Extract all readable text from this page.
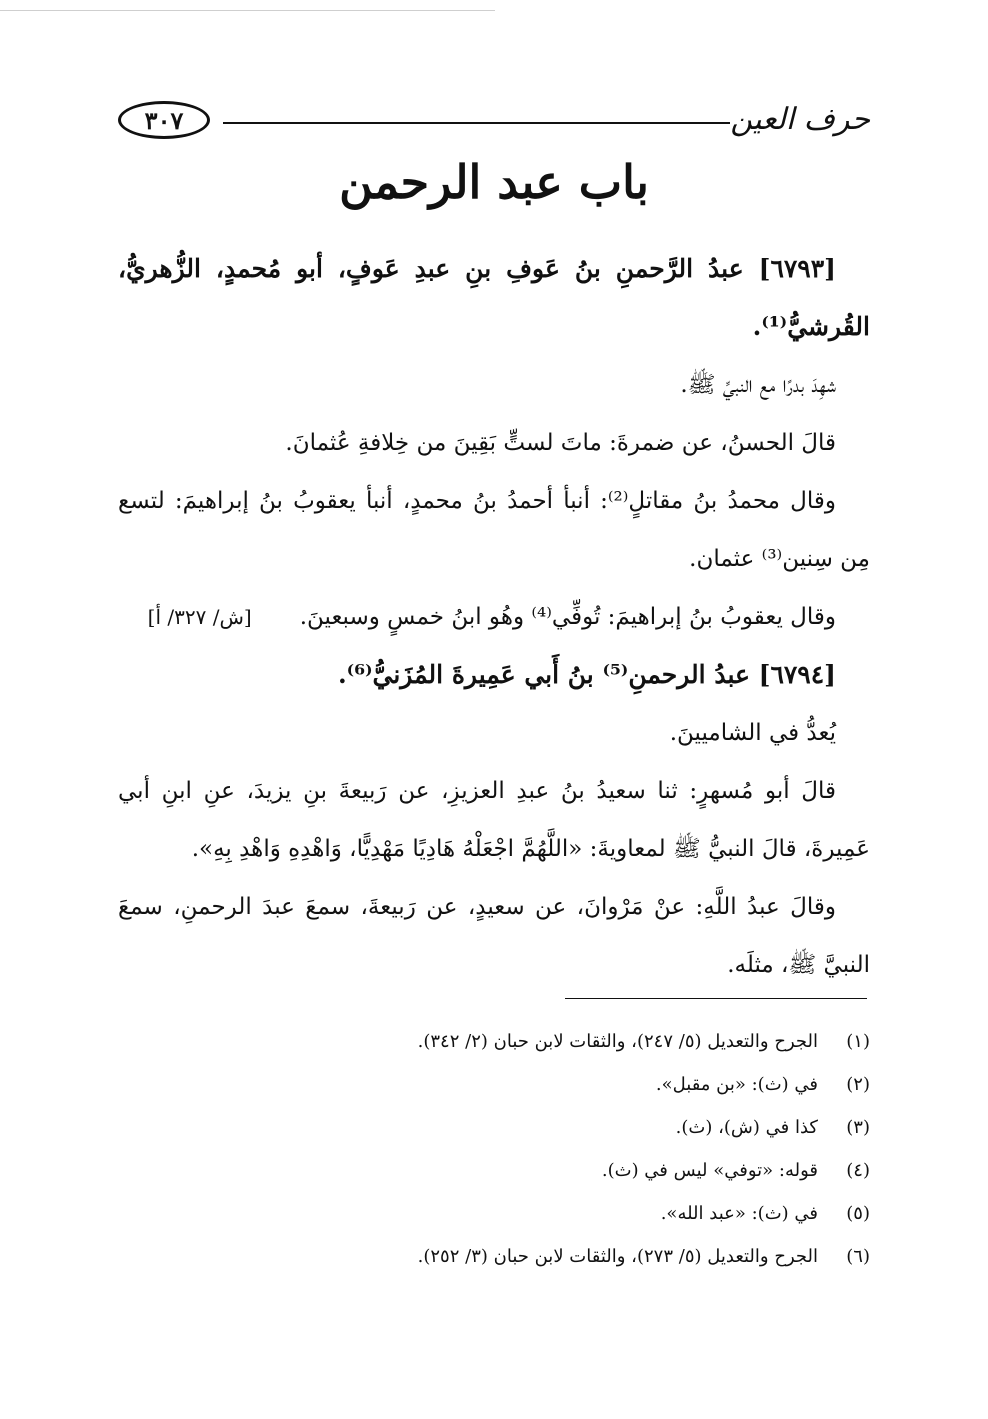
حرف العين
٣٠٧
باب عبد الرحمن

[٦٧٩٣] عبدُ الرَّحمنِ بنُ عَوفِ بنِ عبدِ عَوفٍ، أبو مُحمدٍ، الزُّهريُّ، القُرشيُّ⁽¹⁾.

شهِدَ بدرًا مع النبيِّ ﷺ.

قالَ الحسنُ، عن ضمرةَ: ماتَ لستٍّ بَقِينَ من خِلافةِ عُثمانَ.

وقال محمدُ بنُ مقاتلٍ⁽²⁾: أنبأ أحمدُ بنُ محمدٍ، أنبأ يعقوبُ بنُ إبراهيمَ: لتسع مِن سِنين⁽³⁾ عثمان.

وقال يعقوبُ بنُ إبراهيمَ: تُوفِّي⁽⁴⁾ وهُو ابنُ خمسٍ وسبعينَ.[ش/ ٣٢٧/ أ]

[٦٧٩٤] عبدُ الرحمنِ⁽⁵⁾ بنُ أَبي عَمِيرةَ المُزَنيُّ⁽⁶⁾.

يُعدُّ في الشاميينَ.

قالَ أبو مُسهرٍ: ثنا سعيدُ بنُ عبدِ العزيزِ، عن رَبيعةَ بنِ يزيدَ، عنِ ابنِ أبي عَمِيرةَ، قالَ النبيُّ ﷺ لمعاويةَ: «اللَّهُمَّ اجْعَلْهُ هَادِيًا مَهْدِيًّا، وَاهْدِهِ وَاهْدِ بِهِ».

وقالَ عبدُ اللَّهِ: عنْ مَرْوانَ، عن سعيدٍ، عن رَبيعةَ، سمعَ عبدَ الرحمنِ، سمعَ النبيَّ ﷺ، مثلَه.

(١)الجرح والتعديل (٥/ ٢٤٧)، والثقات لابن حبان (٢/ ٣٤٢).
(٢)في (ث): «بن مقبل».
(٣)كذا في (ش)، (ث).
(٤)قوله: «توفي» ليس في (ث).
(٥)في (ث): «عبد الله».
(٦)الجرح والتعديل (٥/ ٢٧٣)، والثقات لابن حبان (٣/ ٢٥٢).
